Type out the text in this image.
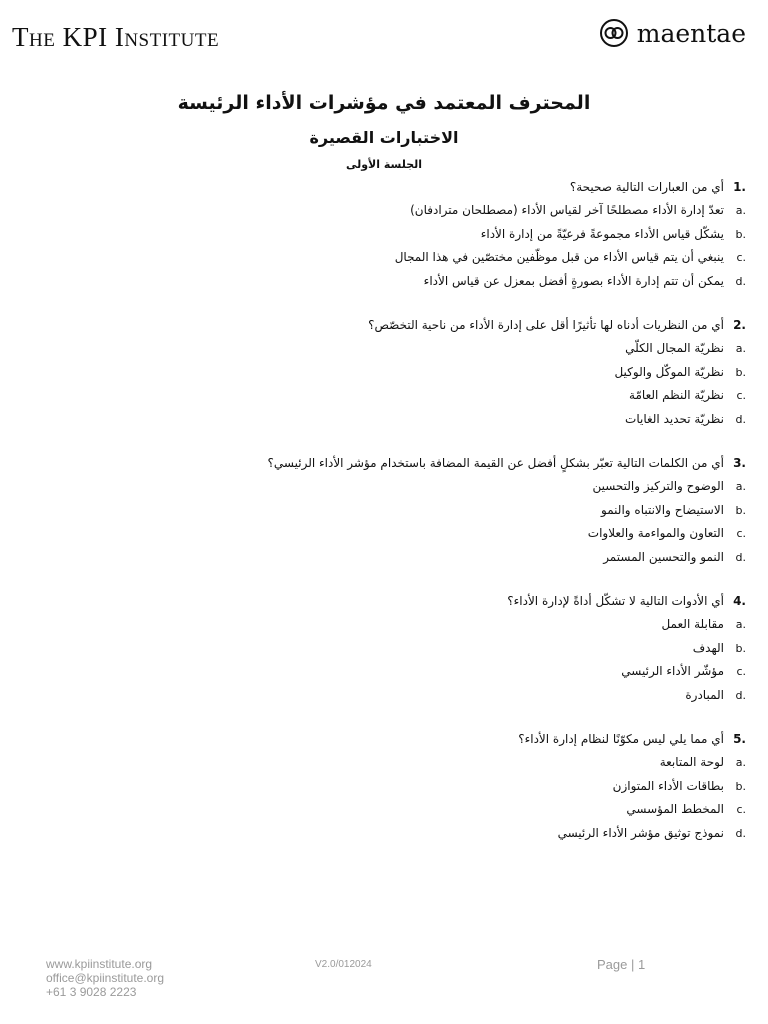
The KPI Institute	maentae
المحترف المعتمد في مؤشرات الأداء الرئيسة
الاختبارات القصيرة
الجلسة الأولى
1.
أي من العبارات التالية صحيحة؟
a.
تعدّ إدارة الأداء مصطلحًا آخر لقياس الأداء (مصطلحان مترادفان)
b.
يشكّل قياس الأداء مجموعةً فرعيّةً من إدارة الأداء
c.
ينبغي أن يتم قياس الأداء من قبل موظّفين مختصّين في هذا المجال
d.
يمكن أن تتم إدارة الأداء بصورةٍ أفضل بمعزل عن قياس الأداء
2.
أي من النظريات أدناه لها تأثيرًا أقل على إدارة الأداء من ناحية التخصّص؟
a.
نظريّة المجال الكلّي
b.
نظريّة الموكّل والوكيل
c.
نظريّة النظم العامّة
d.
نظريّة تحديد الغايات
3.
أي من الكلمات التالية تعبّر بشكلٍ أفضل عن القيمة المضافة باستخدام مؤشر الأداء الرئيسي؟
a.
الوضوح والتركيز والتحسين
b.
الاستيضاح والانتباه والنمو
c.
التعاون والمواءمة والعلاوات
d.
النمو والتحسين المستمر
4.
أي الأدوات التالية لا تشكّل أداةً لإدارة الأداء؟
a.
مقابلة العمل
b.
الهدف
c.
مؤشّر الأداء الرئيسي
d.
المبادرة
5.
أي مما يلي ليس مكوّنًا لنظام إدارة الأداء؟
a.
لوحة المتابعة
b.
بطاقات الأداء المتوازن
c.
المخطط المؤسسي
d.
نموذج توثيق مؤشر الأداء الرئيسي
www.kpiinstitute.org
office@kpiinstitute.org
+61 3 9028 2223
V2.0/012024	Page | 1
